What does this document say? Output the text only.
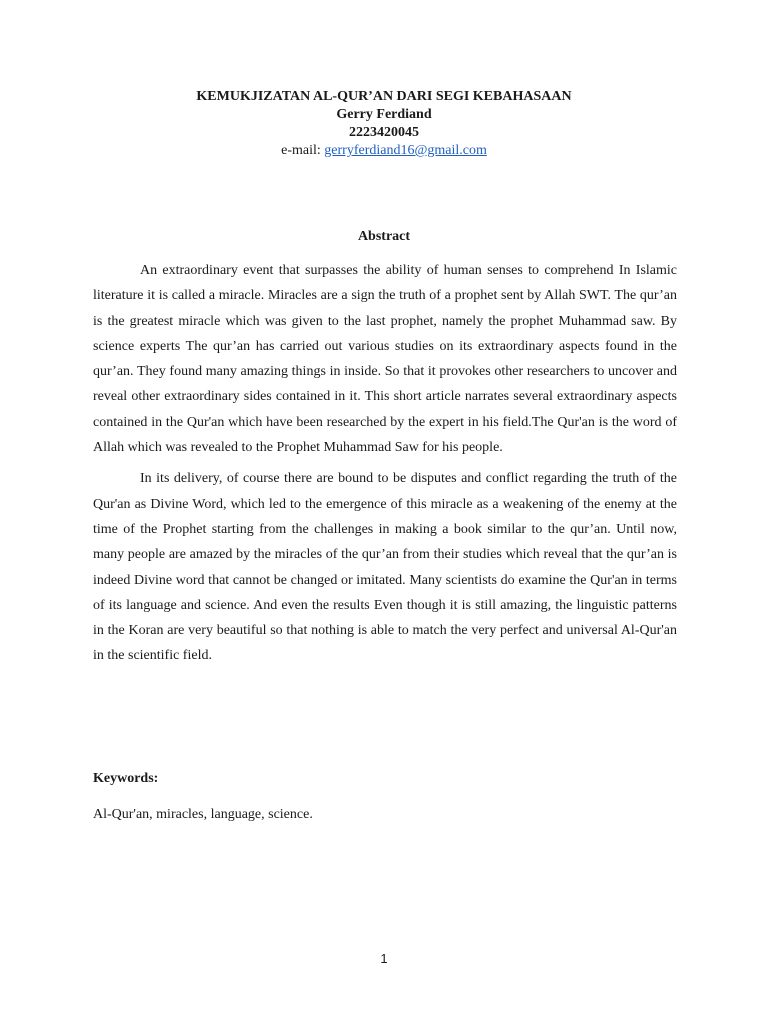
KEMUKJIZATAN AL-QUR’AN DARI SEGI KEBAHASAAN
Gerry Ferdiand
2223420045
e-mail: gerryferdiand16@gmail.com
Abstract

An extraordinary event that surpasses the ability of human senses to comprehend In Islamic literature it is called a miracle. Miracles are a sign the truth of a prophet sent by Allah SWT. The qur’an is the greatest miracle which was given to the last prophet, namely the prophet Muhammad saw. By science experts The qur’an has carried out various studies on its extraordinary aspects found in the qur’an. They found many amazing things in inside. So that it provokes other researchers to uncover and reveal other extraordinary sides contained in it. This short article narrates several extraordinary aspects contained in the Qur'an which have been researched by the expert in his field.The Qur'an is the word of Allah which was revealed to the Prophet Muhammad Saw for his people.

In its delivery, of course there are bound to be disputes and conflict regarding the truth of the Qur'an as Divine Word, which led to the emergence of this miracle as a weakening of the enemy at the time of the Prophet starting from the challenges in making a book similar to the qur’an. Until now, many people are amazed by the miracles of the qur’an from their studies which reveal that the qur’an is indeed Divine word that cannot be changed or imitated. Many scientists do examine the Qur'an in terms of its language and science. And even the results Even though it is still amazing, the linguistic patterns in the Koran are very beautiful so that nothing is able to match the very perfect and universal Al-Qur'an in the scientific field.

Keywords:
Al-Qur'an, miracles, language, science.
1
